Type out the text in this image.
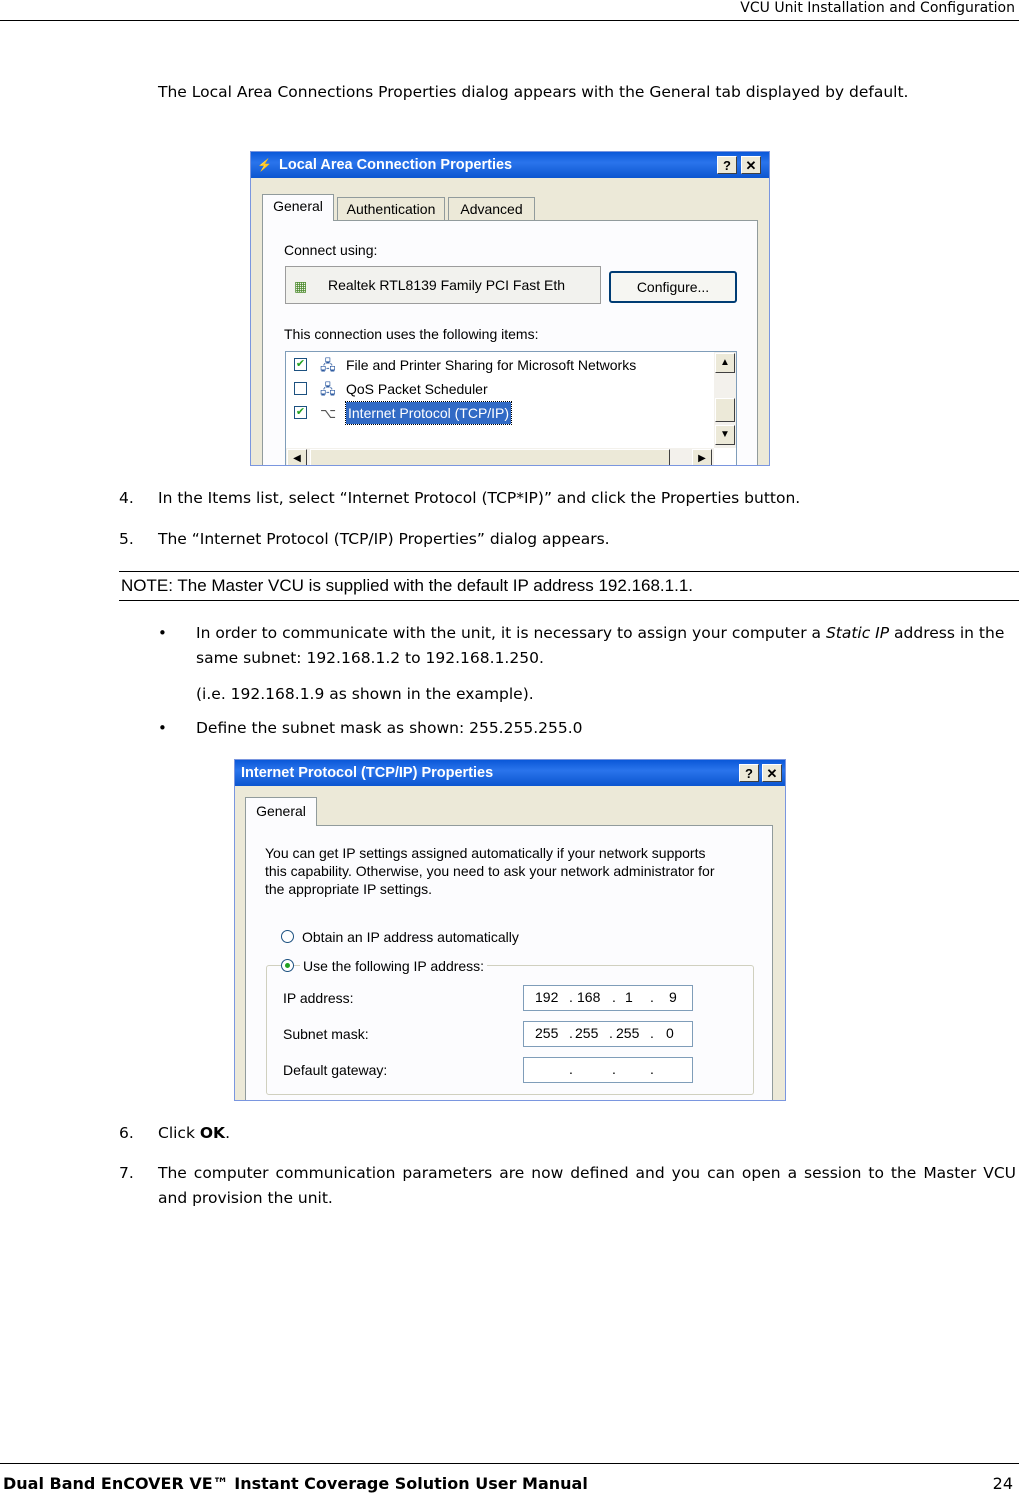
VCU Unit Installation and Configuration
The Local Area Connections Properties dialog appears with the General tab displayed by default.
⚡ Local Area Connection Properties	?	✕
General	Authentication	Advanced
Connect using:
▦ Realtek RTL8139 Family PCI Fast Eth	Configure...
This connection uses the following items:
✔ 🖧 File and Printer Sharing for Microsoft Networks
🖧 QoS Packet Scheduler
✔ ⌥ Internet Protocol (TCP/IP)
▲
▼
◀	▶
4. In the Items list, select “Internet Protocol (TCP*IP)” and click the Properties button.
5. The “Internet Protocol (TCP/IP) Properties” dialog appears.
NOTE: The Master VCU is supplied with the default IP address 192.168.1.1.
• In order to communicate with the unit, it is necessary to assign your computer a Static IP address in the same subnet: 192.168.1.2 to 192.168.1.250.
(i.e. 192.168.1.9 as shown in the example).
• Define the subnet mask as shown: 255.255.255.0
Internet Protocol (TCP/IP) Properties	?	✕
General
You can get IP settings assigned automatically if your network supports
this capability. Otherwise, you need to ask your network administrator for
the appropriate IP settings.
Obtain an IP address automatically
Use the following IP address:
IP address:	192 . 168 . 1 . 9
Subnet mask:	255 . 255 . 255 . 0
Default gateway:	.	. .
6. Click OK.
7. The computer communication parameters are now defined and you can open a session to the Master VCU and provision the unit.
Dual Band EnCOVER VE™ Instant Coverage Solution User Manual	24
